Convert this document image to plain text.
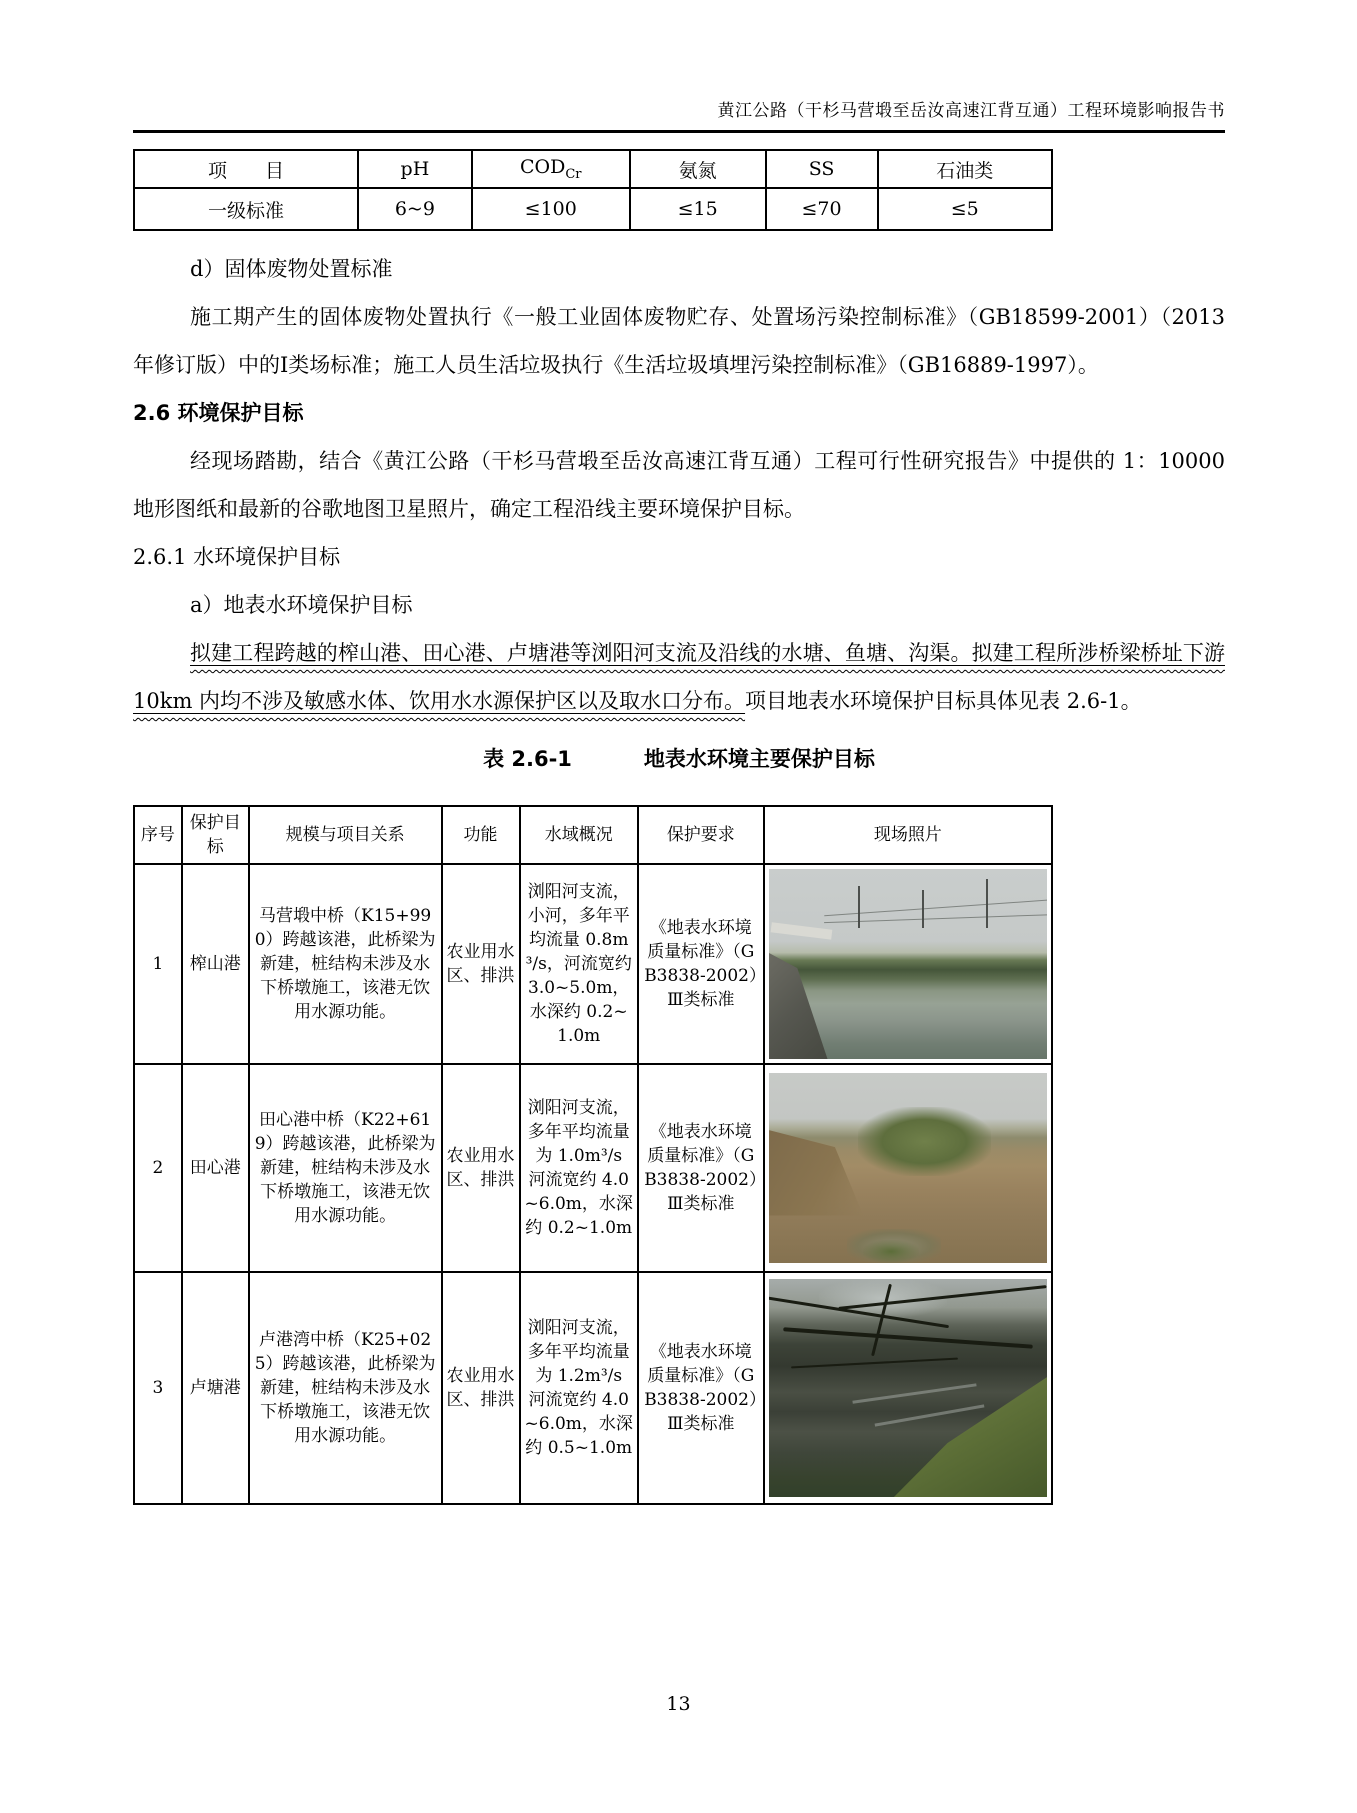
黄江公路（干杉马营塅至岳汝高速江背互通）工程环境影响报告书
项　　目	pH	$COD_{Cr}$	氨氮	SS	石油类
一级标准	6~9	≤100	≤15	≤70	≤5

d）固体废物处置标准

施工期产生的固体废物处置执行《一般工业固体废物贮存、处置场污染控制标准》（GB18599-2001）（2013 年修订版）中的Ⅰ类场标准；施工人员生活垃圾执行《生活垃圾填埋污染控制标准》（GB16889-1997）。

2.6 环境保护目标

经现场踏勘，结合《黄江公路（干杉马营塅至岳汝高速江背互通）工程可行性研究报告》中提供的 1：10000 地形图纸和最新的谷歌地图卫星照片，确定工程沿线主要环境保护目标。

2.6.1 水环境保护目标

a）地表水环境保护目标

拟建工程跨越的榨山港、田心港、卢塘港等浏阳河支流及沿线的水塘、鱼塘、沟渠。拟建工程所涉桥梁桥址下游 10km 内均不涉及敏感水体、饮用水水源保护区以及取水口分布。项目地表水环境保护目标具体见表 2.6-1。

表 2.6-1	地表水环境主要保护目标

序号	保护目标	规模与项目关系	功能	水域概况	保护要求	现场照片
1	榨山港	马营塅中桥（K15+990）跨越该港，此桥梁为新建，桩结构未涉及水下桥墩施工，该港无饮用水源功能。	农业用水区、排洪	浏阳河支流，小河，多年平均流量 0.8m³/s，河流宽约 3.0~5.0m，水深约 0.2~1.0m	《地表水环境质量标准》（GB3838-2002）Ⅲ类标准	

2	田心港	田心港中桥（K22+619）跨越该港，此桥梁为新建，桩结构未涉及水下桥墩施工，该港无饮用水源功能。	农业用水区、排洪	浏阳河支流，多年平均流量为 1.0m³/s 河流宽约 4.0~6.0m，水深约 0.2~1.0m	《地表水环境质量标准》（GB3838-2002）Ⅲ类标准	

3	卢塘港	卢港湾中桥（K25+025）跨越该港，此桥梁为新建，桩结构未涉及水下桥墩施工，该港无饮用水源功能。	农业用水区、排洪	浏阳河支流，多年平均流量为 1.2m³/s 河流宽约 4.0~6.0m，水深约 0.5~1.0m	《地表水环境质量标准》（GB3838-2002）Ⅲ类标准	
13
